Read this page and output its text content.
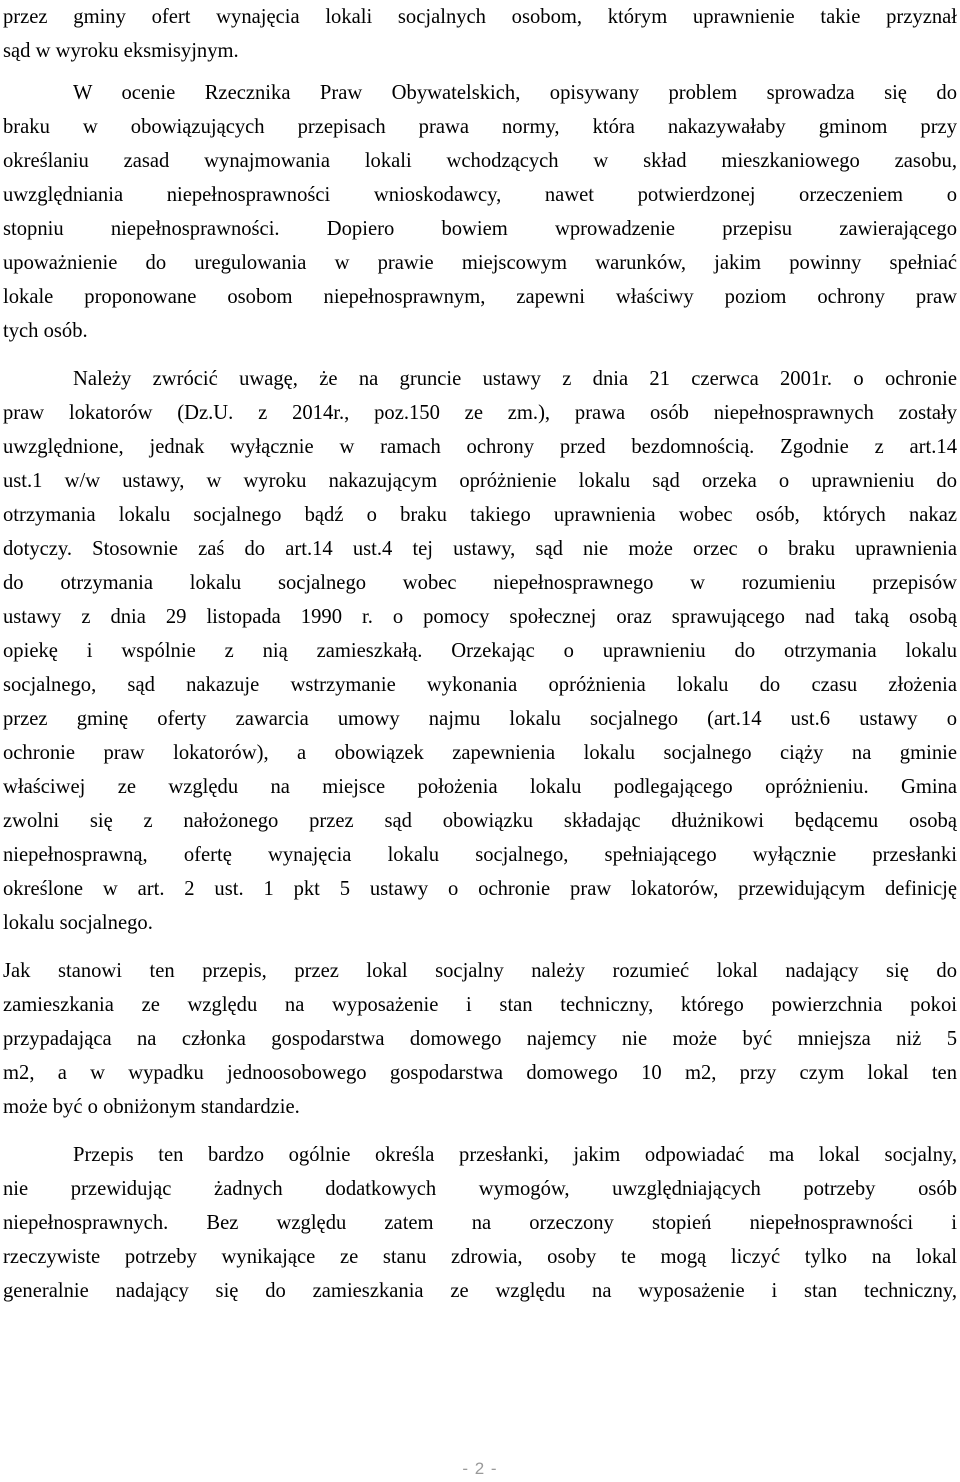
przez gminy ofert wynajęcia lokali socjalnych osobom, którym uprawnienie takie przyznał
sąd w wyroku eksmisyjnym.
W ocenie Rzecznika Praw Obywatelskich, opisywany problem sprowadza się do
braku w obowiązujących przepisach prawa normy, która nakazywałaby gminom przy
określaniu zasad wynajmowania lokali wchodzących w skład mieszkaniowego zasobu,
uwzględniania niepełnosprawności wnioskodawcy, nawet potwierdzonej orzeczeniem o
stopniu niepełnosprawności. Dopiero bowiem wprowadzenie przepisu zawierającego
upoważnienie do uregulowania w prawie miejscowym warunków, jakim powinny spełniać
lokale proponowane osobom niepełnosprawnym, zapewni właściwy poziom ochrony praw
tych osób.
Należy zwrócić uwagę, że na gruncie ustawy z dnia 21 czerwca 2001r. o ochronie
praw lokatorów (Dz.U. z 2014r., poz.150 ze zm.), prawa osób niepełnosprawnych zostały
uwzględnione, jednak wyłącznie w ramach ochrony przed bezdomnością. Zgodnie z art.14
ust.1 w/w ustawy, w wyroku nakazującym opróżnienie lokalu sąd orzeka o uprawnieniu do
otrzymania lokalu socjalnego bądź o braku takiego uprawnienia wobec osób, których nakaz
dotyczy. Stosownie zaś do art.14 ust.4 tej ustawy, sąd nie może orzec o braku uprawnienia
do otrzymania lokalu socjalnego wobec niepełnosprawnego w rozumieniu przepisów
ustawy z dnia 29 listopada 1990 r. o pomocy społecznej oraz sprawującego nad taką osobą
opiekę i wspólnie z nią zamieszkałą. Orzekając o uprawnieniu do otrzymania lokalu
socjalnego, sąd nakazuje wstrzymanie wykonania opróżnienia lokalu do czasu złożenia
przez gminę oferty zawarcia umowy najmu lokalu socjalnego (art.14 ust.6 ustawy o
ochronie praw lokatorów), a obowiązek zapewnienia lokalu socjalnego ciąży na gminie
właściwej ze względu na miejsce położenia lokalu podlegającego opróżnieniu. Gmina
zwolni się z nałożonego przez sąd obowiązku składając dłużnikowi będącemu osobą
niepełnosprawną, ofertę wynajęcia lokalu socjalnego, spełniającego wyłącznie przesłanki
określone w art. 2 ust. 1 pkt 5 ustawy o ochronie praw lokatorów, przewidującym definicję
lokalu socjalnego.
Jak stanowi ten przepis, przez lokal socjalny należy rozumieć lokal nadający się do
zamieszkania ze względu na wyposażenie i stan techniczny, którego powierzchnia pokoi
przypadająca na członka gospodarstwa domowego najemcy nie może być mniejsza niż 5
m2, a w wypadku jednoosobowego gospodarstwa domowego 10 m2, przy czym lokal ten
może być o obniżonym standardzie.
Przepis ten bardzo ogólnie określa przesłanki, jakim odpowiadać ma lokal socjalny,
nie przewidując żadnych dodatkowych wymogów, uwzględniających potrzeby osób
niepełnosprawnych. Bez względu zatem na orzeczony stopień niepełnosprawności i
rzeczywiste potrzeby wynikające ze stanu zdrowia, osoby te mogą liczyć tylko na lokal
generalnie nadający się do zamieszkania ze względu na wyposażenie i stan techniczny,
- 2 -
